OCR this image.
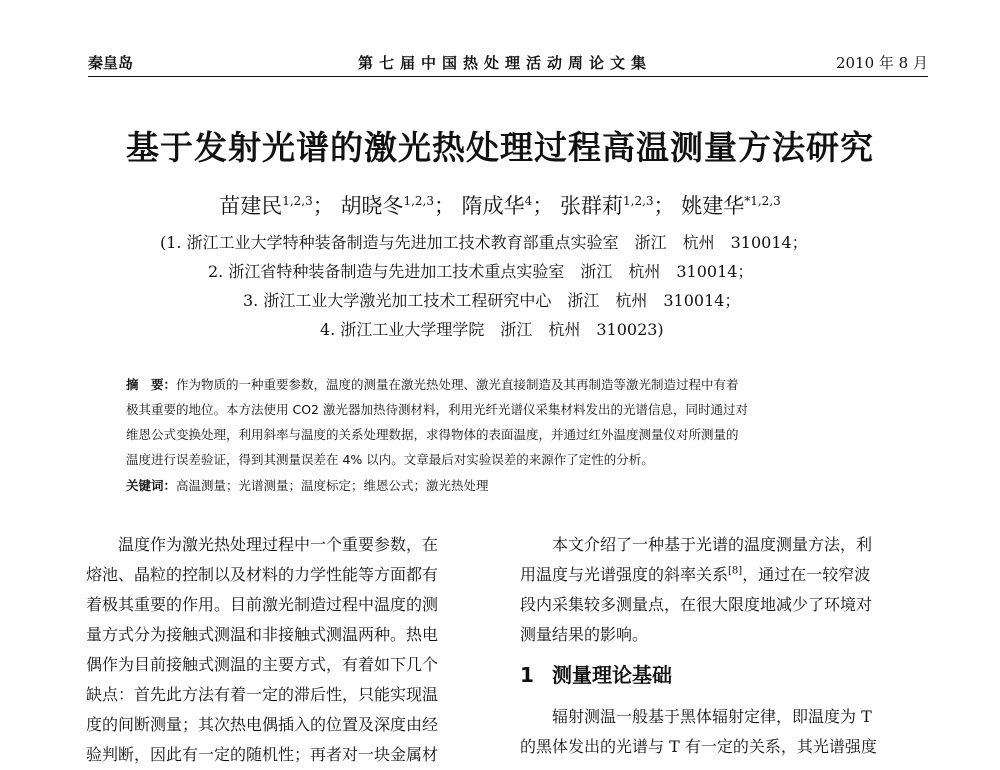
秦皇岛	第七届中国热处理活动周论文集	2010 年 8 月
基于发射光谱的激光热处理过程高温测量方法研究
苗建民$^{1,2,3}$； 胡晓冬$^{1,2,3}$； 隋成华$^4$； 张群莉$^{1,2,3}$； 姚建华$^{*1,2,3}$
(1. 浙江工业大学特种装备制造与先进加工技术教育部重点实验室　浙江　杭州　310014；
2. 浙江省特种装备制造与先进加工技术重点实验室　浙江　杭州　310014；
3. 浙江工业大学激光加工技术工程研究中心　浙江　杭州　310014；
4. 浙江工业大学理学院　浙江　杭州　310023)
摘　要：作为物质的一种重要参数，温度的测量在激光热处理、激光直接制造及其再制造等激光制造过程中有着
极其重要的地位。本方法使用 CO2 激光器加热待测材料，利用光纤光谱仪采集材料发出的光谱信息，同时通过对
维恩公式变换处理，利用斜率与温度的关系处理数据，求得物体的表面温度，并通过红外温度测量仪对所测量的
温度进行误差验证，得到其测量误差在 4% 以内。文章最后对实验误差的来源作了定性的分析。
关键词：高温测量；光谱测量；温度标定；维恩公式；激光热处理
温度作为激光热处理过程中一个重要参数，在
熔池、晶粒的控制以及材料的力学性能等方面都有
着极其重要的作用。目前激光制造过程中温度的测
量方式分为接触式测温和非接触式测温两种。热电
偶作为目前接触式测温的主要方式，有着如下几个
缺点：首先此方法有着一定的滞后性，只能实现温
度的间断测量；其次热电偶插入的位置及深度由经
验判断，因此有一定的随机性；再者对一块金属材
本文介绍了一种基于光谱的温度测量方法，利
用温度与光谱强度的斜率关系[8]，通过在一较窄波
段内采集较多测量点，在很大限度地减少了环境对
测量结果的影响。
1 测量理论基础
辐射测温一般基于黑体辐射定律，即温度为 T
的黑体发出的光谱与 T 有一定的关系，其光谱强度
